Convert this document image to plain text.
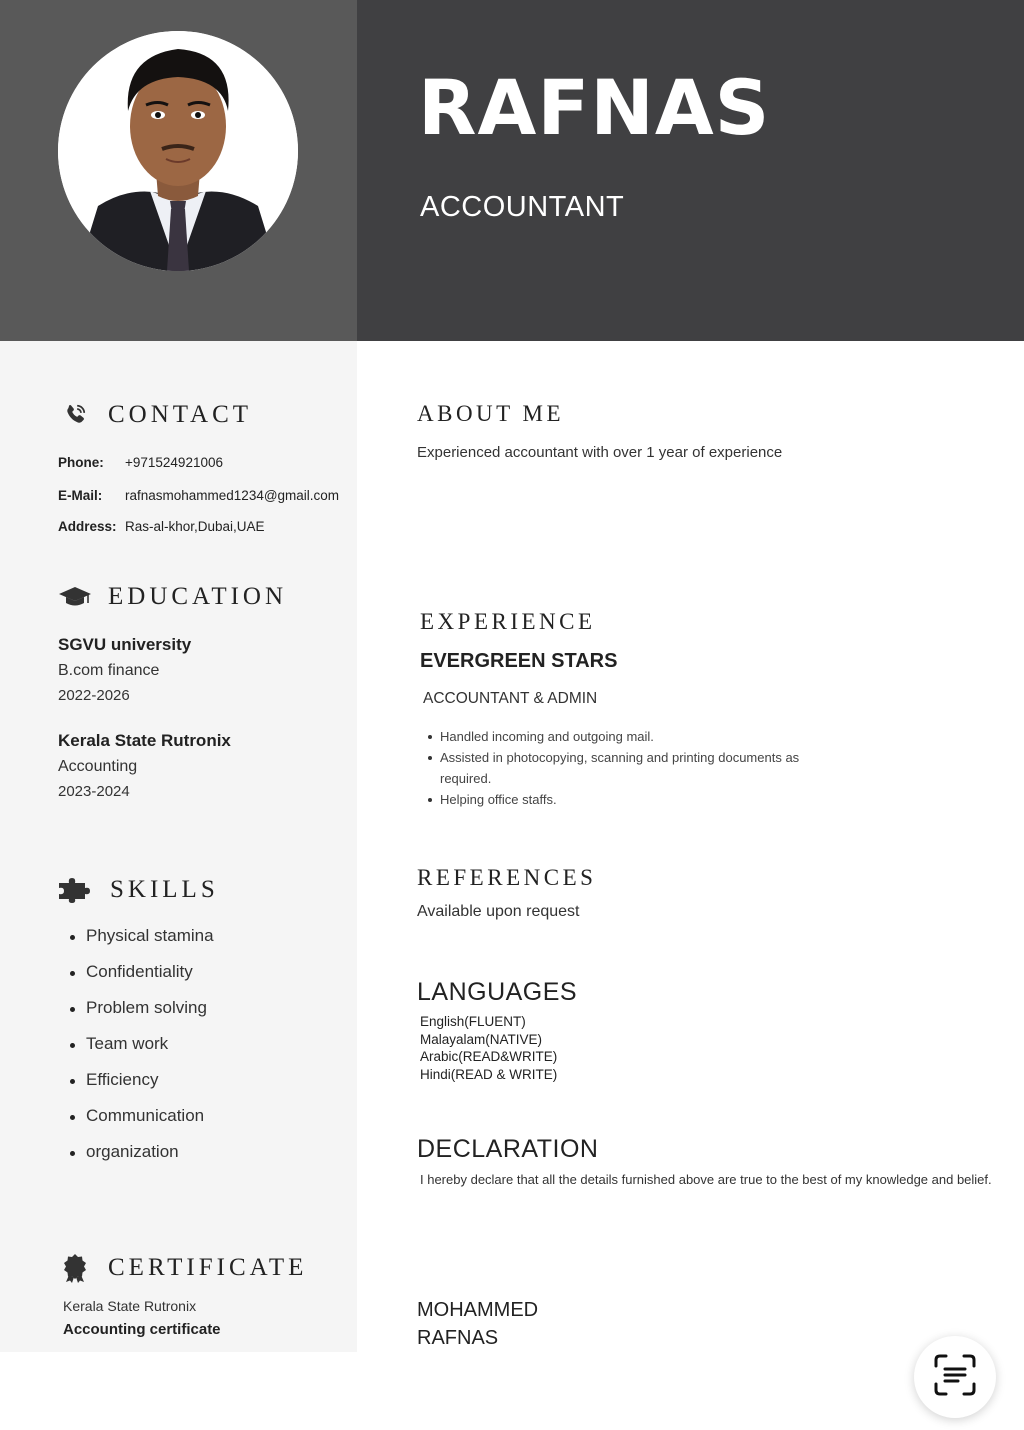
RAFNAS
ACCOUNTANT
CONTACT
Phone: +971524921006
E-Mail: rafnasmohammed1234@gmail.com
Address: Ras-al-khor,Dubai,UAE
EDUCATION
SGVU university
B.com finance
2022-2026
Kerala State Rutronix
Accounting
2023-2024
SKILLS
Physical stamina
Confidentiality
Problem solving
Team work
Efficiency
Communication
organization
CERTIFICATE
Kerala State Rutronix
Accounting certificate
ABOUT ME
Experienced accountant with over 1 year of experience
EXPERIENCE
EVERGREEN STARS
ACCOUNTANT & ADMIN
Handled incoming and outgoing mail.
Assisted in photocopying, scanning and printing documents as required.
Helping office staffs.
REFERENCES
Available upon request
LANGUAGES
English(FLUENT)
Malayalam(NATIVE)
Arabic(READ&WRITE)
Hindi(READ & WRITE)
DECLARATION
I hereby declare that all the details furnished above are true to the best of my knowledge and belief.
MOHAMMED
RAFNAS
